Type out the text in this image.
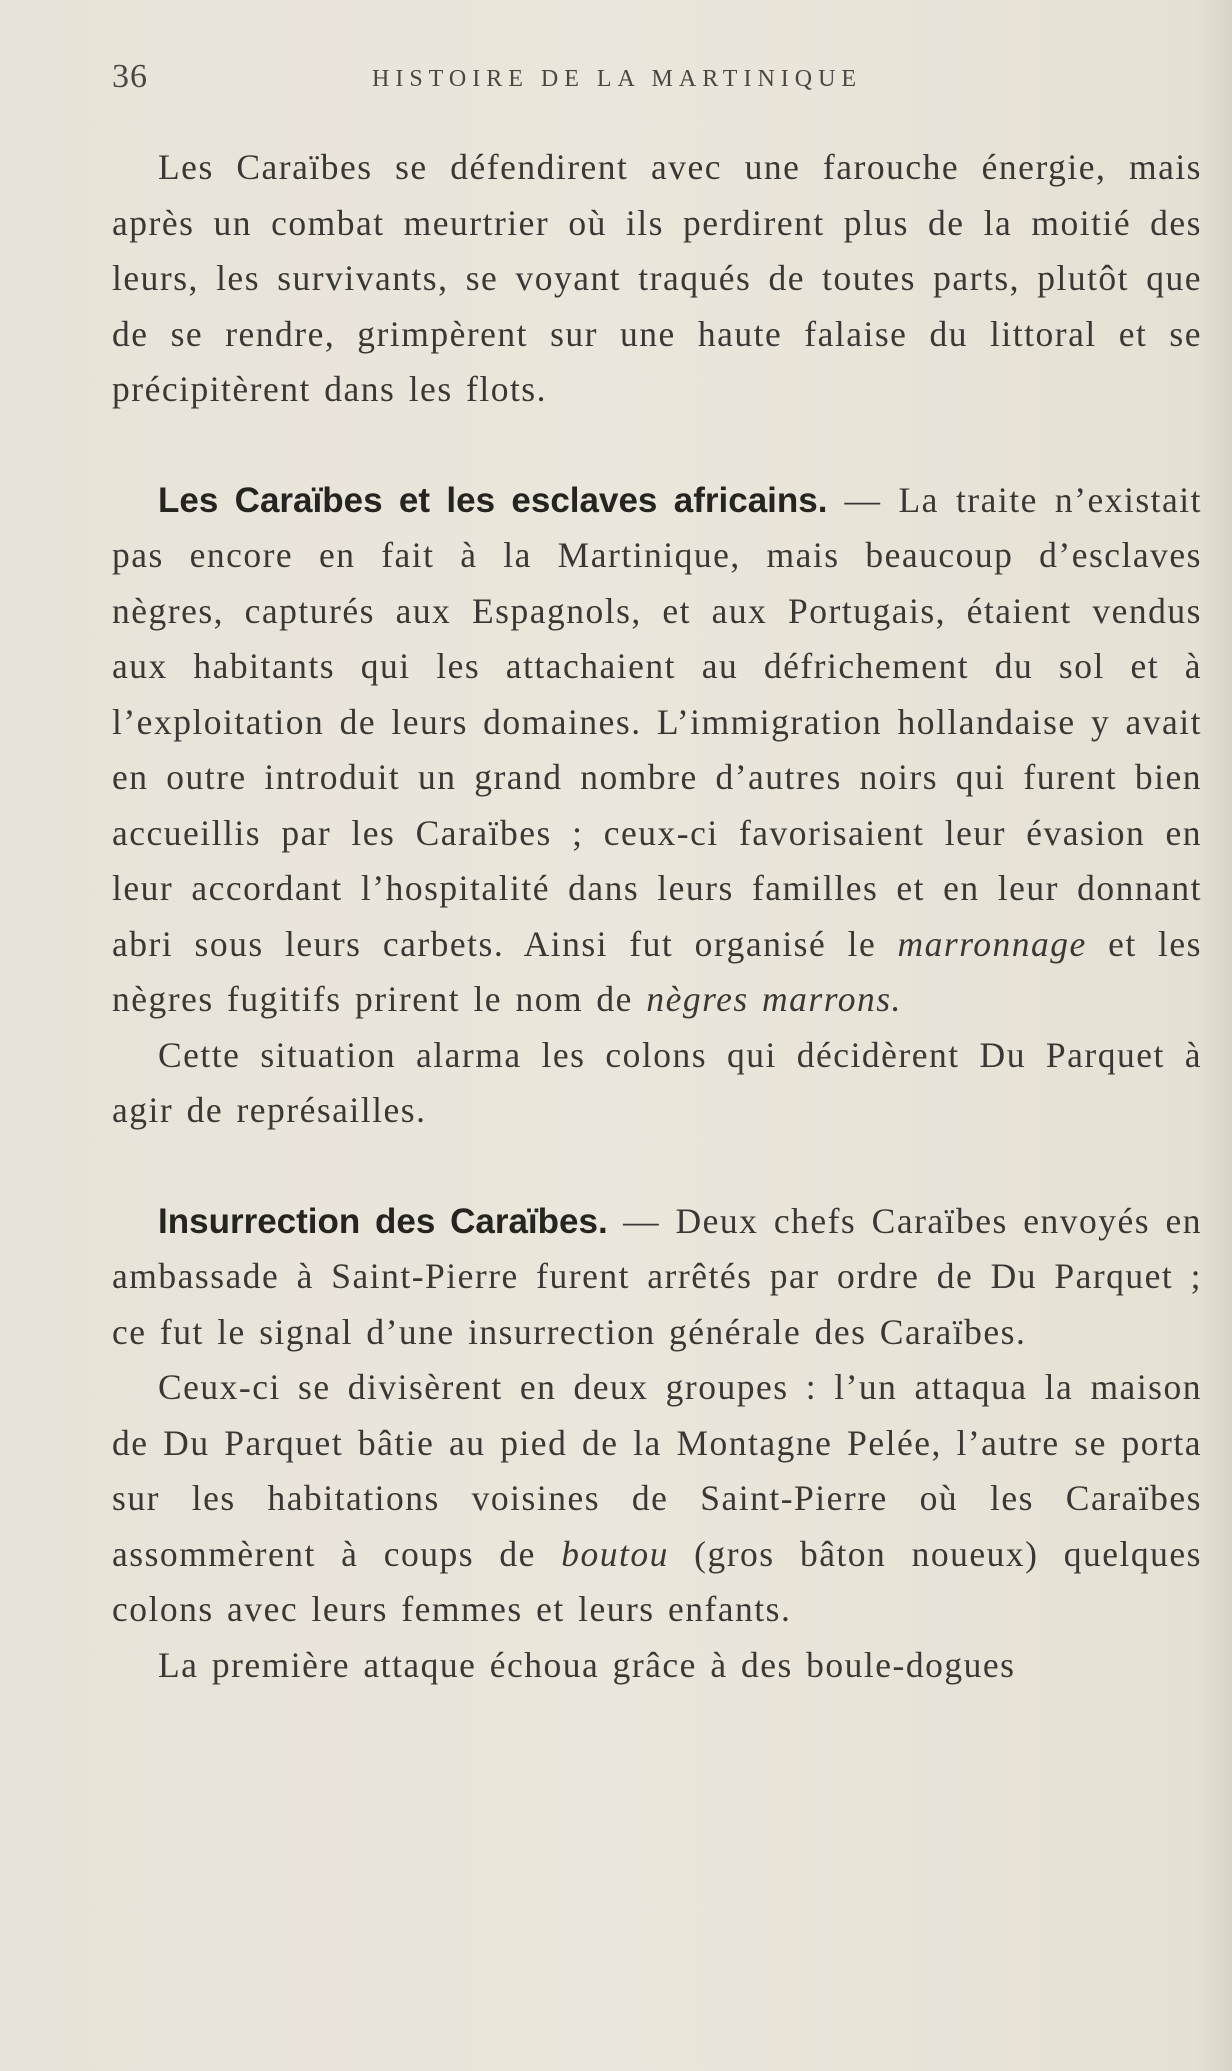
36	HISTOIRE DE LA MARTINIQUE

Les Caraïbes se défendirent avec une farouche énergie, mais après un combat meurtrier où ils perdirent plus de la moitié des leurs, les survivants, se voyant traqués de toutes parts, plutôt que de se rendre, grimpèrent sur une haute falaise du littoral et se précipitèrent dans les flots.

Les Caraïbes et les esclaves africains. — La traite n’existait pas encore en fait à la Martinique, mais beaucoup d’esclaves nègres, capturés aux Espagnols, et aux Portugais, étaient vendus aux habitants qui les attachaient au défrichement du sol et à l’exploitation de leurs domaines. L’immigration hollandaise y avait en outre introduit un grand nombre d’autres noirs qui furent bien accueillis par les Caraïbes ; ceux-ci favorisaient leur évasion en leur accordant l’hospitalité dans leurs familles et en leur donnant abri sous leurs carbets. Ainsi fut organisé le marronnage et les nègres fugitifs prirent le nom de nègres marrons.

Cette situation alarma les colons qui décidèrent Du Parquet à agir de représailles.

Insurrection des Caraïbes. — Deux chefs Caraïbes envoyés en ambassade à Saint-Pierre furent arrêtés par ordre de Du Parquet ; ce fut le signal d’une insurrection générale des Caraïbes.

Ceux-ci se divisèrent en deux groupes : l’un attaqua la maison de Du Parquet bâtie au pied de la Montagne Pelée, l’autre se porta sur les habitations voisines de Saint-Pierre où les Caraïbes assommèrent à coups de boutou (gros bâton noueux) quelques colons avec leurs femmes et leurs enfants.

La première attaque échoua grâce à des boule-dogues
